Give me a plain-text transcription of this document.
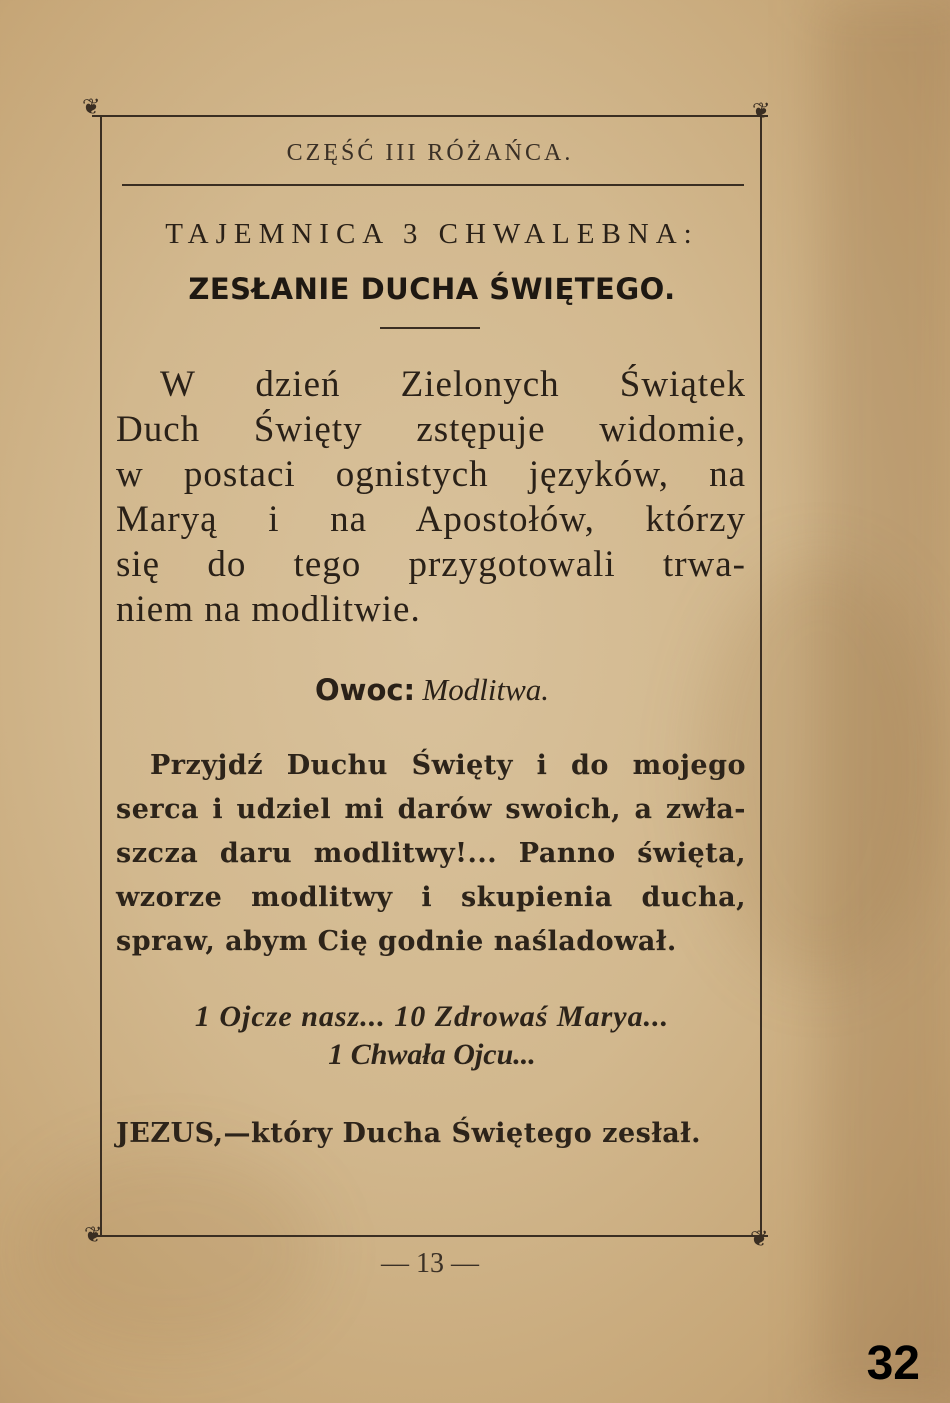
❦	❦
❦	❦
CZĘŚĆ III RÓŻAŃCA.
TAJEMNICA 3 CHWALEBNA:
ZESŁANIE DUCHA ŚWIĘTEGO.
W dzień Zielonych Świątek
Duch Święty zstępuje widomie,
w postaci ognistych języków, na
Maryą i na Apostołów, którzy
się do tego przygotowali trwa-
niem na modlitwie.
Owoc: Modlitwa.
Przyjdź Duchu Święty i do mojego
serca i udziel mi darów swoich, a zwła-
szcza daru modlitwy!... Panno święta,
wzorze modlitwy i skupienia ducha,
spraw, abym Cię godnie naśladował.
1 Ojcze nasz... 10 Zdrowaś Marya...
1 Chwała Ojcu...
JEZUS,—który Ducha Świętego zesłał.
— 13 —
32
